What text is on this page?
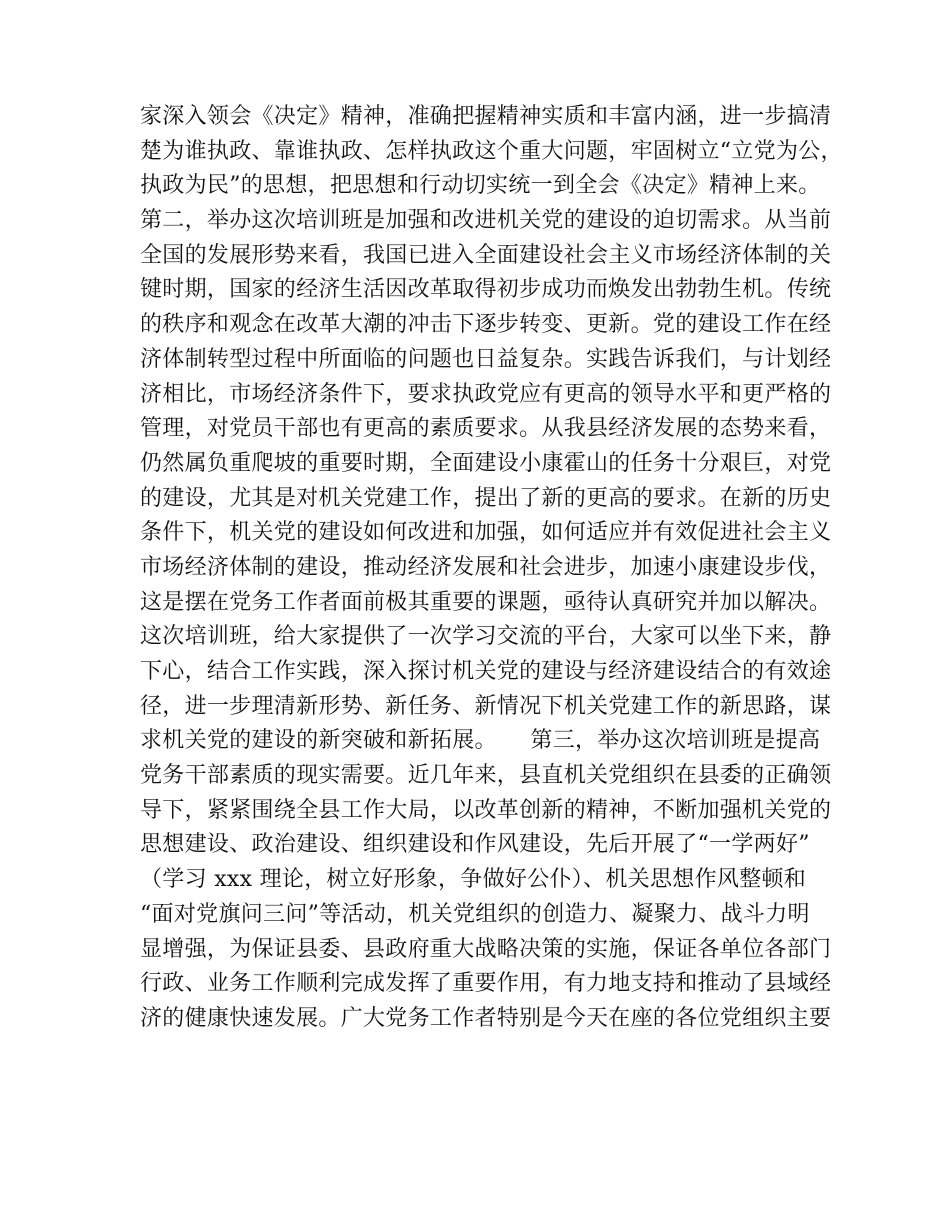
家深入领会《决定》精神，准确把握精神实质和丰富内涵，进一步搞清
楚为谁执政、靠谁执政、怎样执政这个重大问题，牢固树立“立党为公，
执政为民”的思想，把思想和行动切实统一到全会《决定》精神上来。
第二，举办这次培训班是加强和改进机关党的建设的迫切需求。从当前
全国的发展形势来看，我国已进入全面建设社会主义市场经济体制的关
键时期，国家的经济生活因改革取得初步成功而焕发出勃勃生机。传统
的秩序和观念在改革大潮的冲击下逐步转变、更新。党的建设工作在经
济体制转型过程中所面临的问题也日益复杂。实践告诉我们，与计划经
济相比，市场经济条件下，要求执政党应有更高的领导水平和更严格的
管理，对党员干部也有更高的素质要求。从我县经济发展的态势来看，
仍然属负重爬坡的重要时期，全面建设小康霍山的任务十分艰巨，对党
的建设，尤其是对机关党建工作，提出了新的更高的要求。在新的历史
条件下，机关党的建设如何改进和加强，如何适应并有效促进社会主义
市场经济体制的建设，推动经济发展和社会进步，加速小康建设步伐，
这是摆在党务工作者面前极其重要的课题，亟待认真研究并加以解决。
这次培训班，给大家提供了一次学习交流的平台，大家可以坐下来，静
下心，结合工作实践，深入探讨机关党的建设与经济建设结合的有效途
径，进一步理清新形势、新任务、新情况下机关党建工作的新思路，谋
求机关党的建设的新突破和新拓展。　　第三，举办这次培训班是提高
党务干部素质的现实需要。近几年来，县直机关党组织在县委的正确领
导下，紧紧围绕全县工作大局，以改革创新的精神，不断加强机关党的
思想建设、政治建设、组织建设和作风建设，先后开展了“一学两好”
（学习 xxx 理论，树立好形象，争做好公仆）、机关思想作风整顿和
“面对党旗问三问”等活动，机关党组织的创造力、凝聚力、战斗力明
显增强，为保证县委、县政府重大战略决策的实施，保证各单位各部门
行政、业务工作顺利完成发挥了重要作用，有力地支持和推动了县域经
济的健康快速发展。广大党务工作者特别是今天在座的各位党组织主要
